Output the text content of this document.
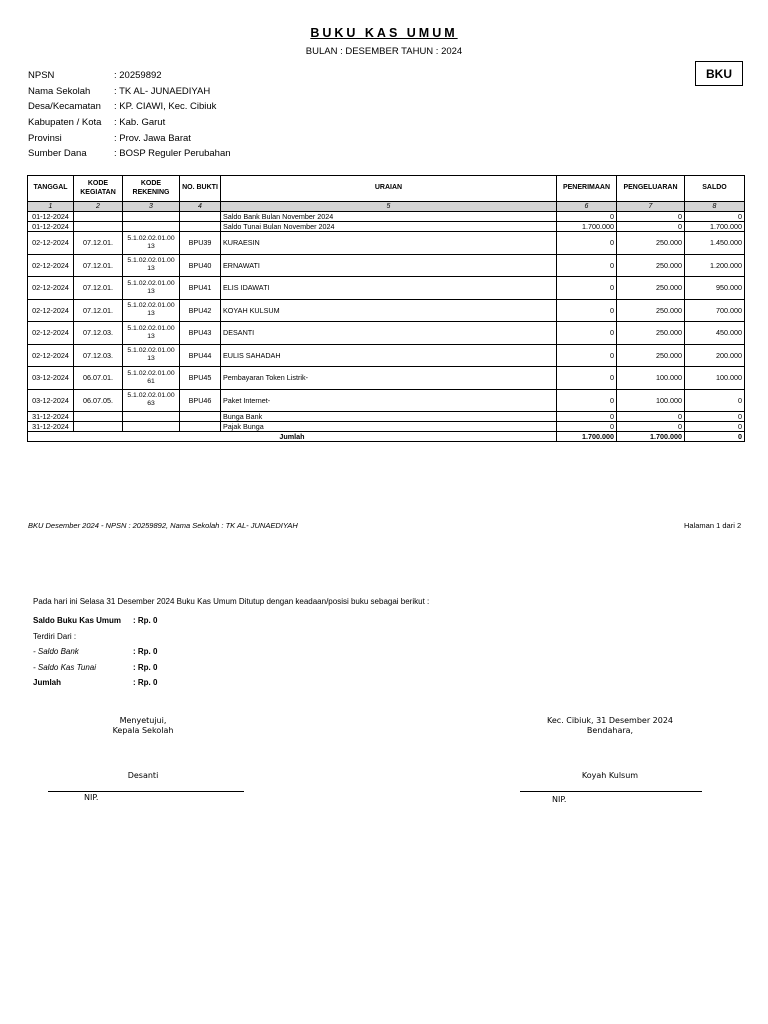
BUKU KAS UMUM
BULAN : DESEMBER TAHUN : 2024
BKU
NPSN	: 20259892
Nama Sekolah	: TK AL- JUNAEDIYAH
Desa/Kecamatan	: KP. CIAWI, Kec. Cibiuk
Kabupaten / Kota	: Kab. Garut
Provinsi	: Prov. Jawa Barat
Sumber Dana	: BOSP Reguler Perubahan
TANGGAL	KODE KEGIATAN	KODE REKENING	NO. BUKTI	URAIAN	PENERIMAAN	PENGELUARAN	SALDO
1	2	3	4	5	6	7	8
01-12-2024				Saldo Bank Bulan November 2024	0	0	0
01-12-2024				Saldo Tunai Bulan November 2024	1.700.000	0	1.700.000
02-12-2024	07.12.01.	5.1.02.02.01.00 13	BPU39	KURAESIN	0	250.000	1.450.000
02-12-2024	07.12.01.	5.1.02.02.01.00 13	BPU40	ERNAWATI	0	250.000	1.200.000
02-12-2024	07.12.01.	5.1.02.02.01.00 13	BPU41	ELIS IDAWATI	0	250.000	950.000
02-12-2024	07.12.01.	5.1.02.02.01.00 13	BPU42	KOYAH KULSUM	0	250.000	700.000
02-12-2024	07.12.03.	5.1.02.02.01.00 13	BPU43	DESANTI	0	250.000	450.000
02-12-2024	07.12.03.	5.1.02.02.01.00 13	BPU44	EULIS SAHADAH	0	250.000	200.000
03-12-2024	06.07.01.	5.1.02.02.01.00 61	BPU45	Pembayaran Token Listrik-	0	100.000	100.000
03-12-2024	06.07.05.	5.1.02.02.01.00 63	BPU46	Paket Internet-	0	100.000	0
31-12-2024				Bunga Bank	0	0	0
31-12-2024				Pajak Bunga	0	0	0
Jumlah					1.700.000	1.700.000	0
BKU Desember 2024 - NPSN : 20259892, Nama Sekolah : TK AL- JUNAEDIYAH	Halaman 1 dari 2
Pada hari ini Selasa 31 Desember 2024 Buku Kas Umum Ditutup dengan keadaan/posisi buku sebagai berikut :
Saldo Buku Kas Umum	: Rp. 0
Terdiri Dari :
- Saldo Bank	: Rp. 0
- Saldo Kas Tunai	: Rp. 0
Jumlah	: Rp. 0
Menyetujui,
Kepala Sekolah
Kec. Cibiuk, 31 Desember 2024
Bendahara,
Desanti	Koyah Kulsum
NIP.	NIP.
